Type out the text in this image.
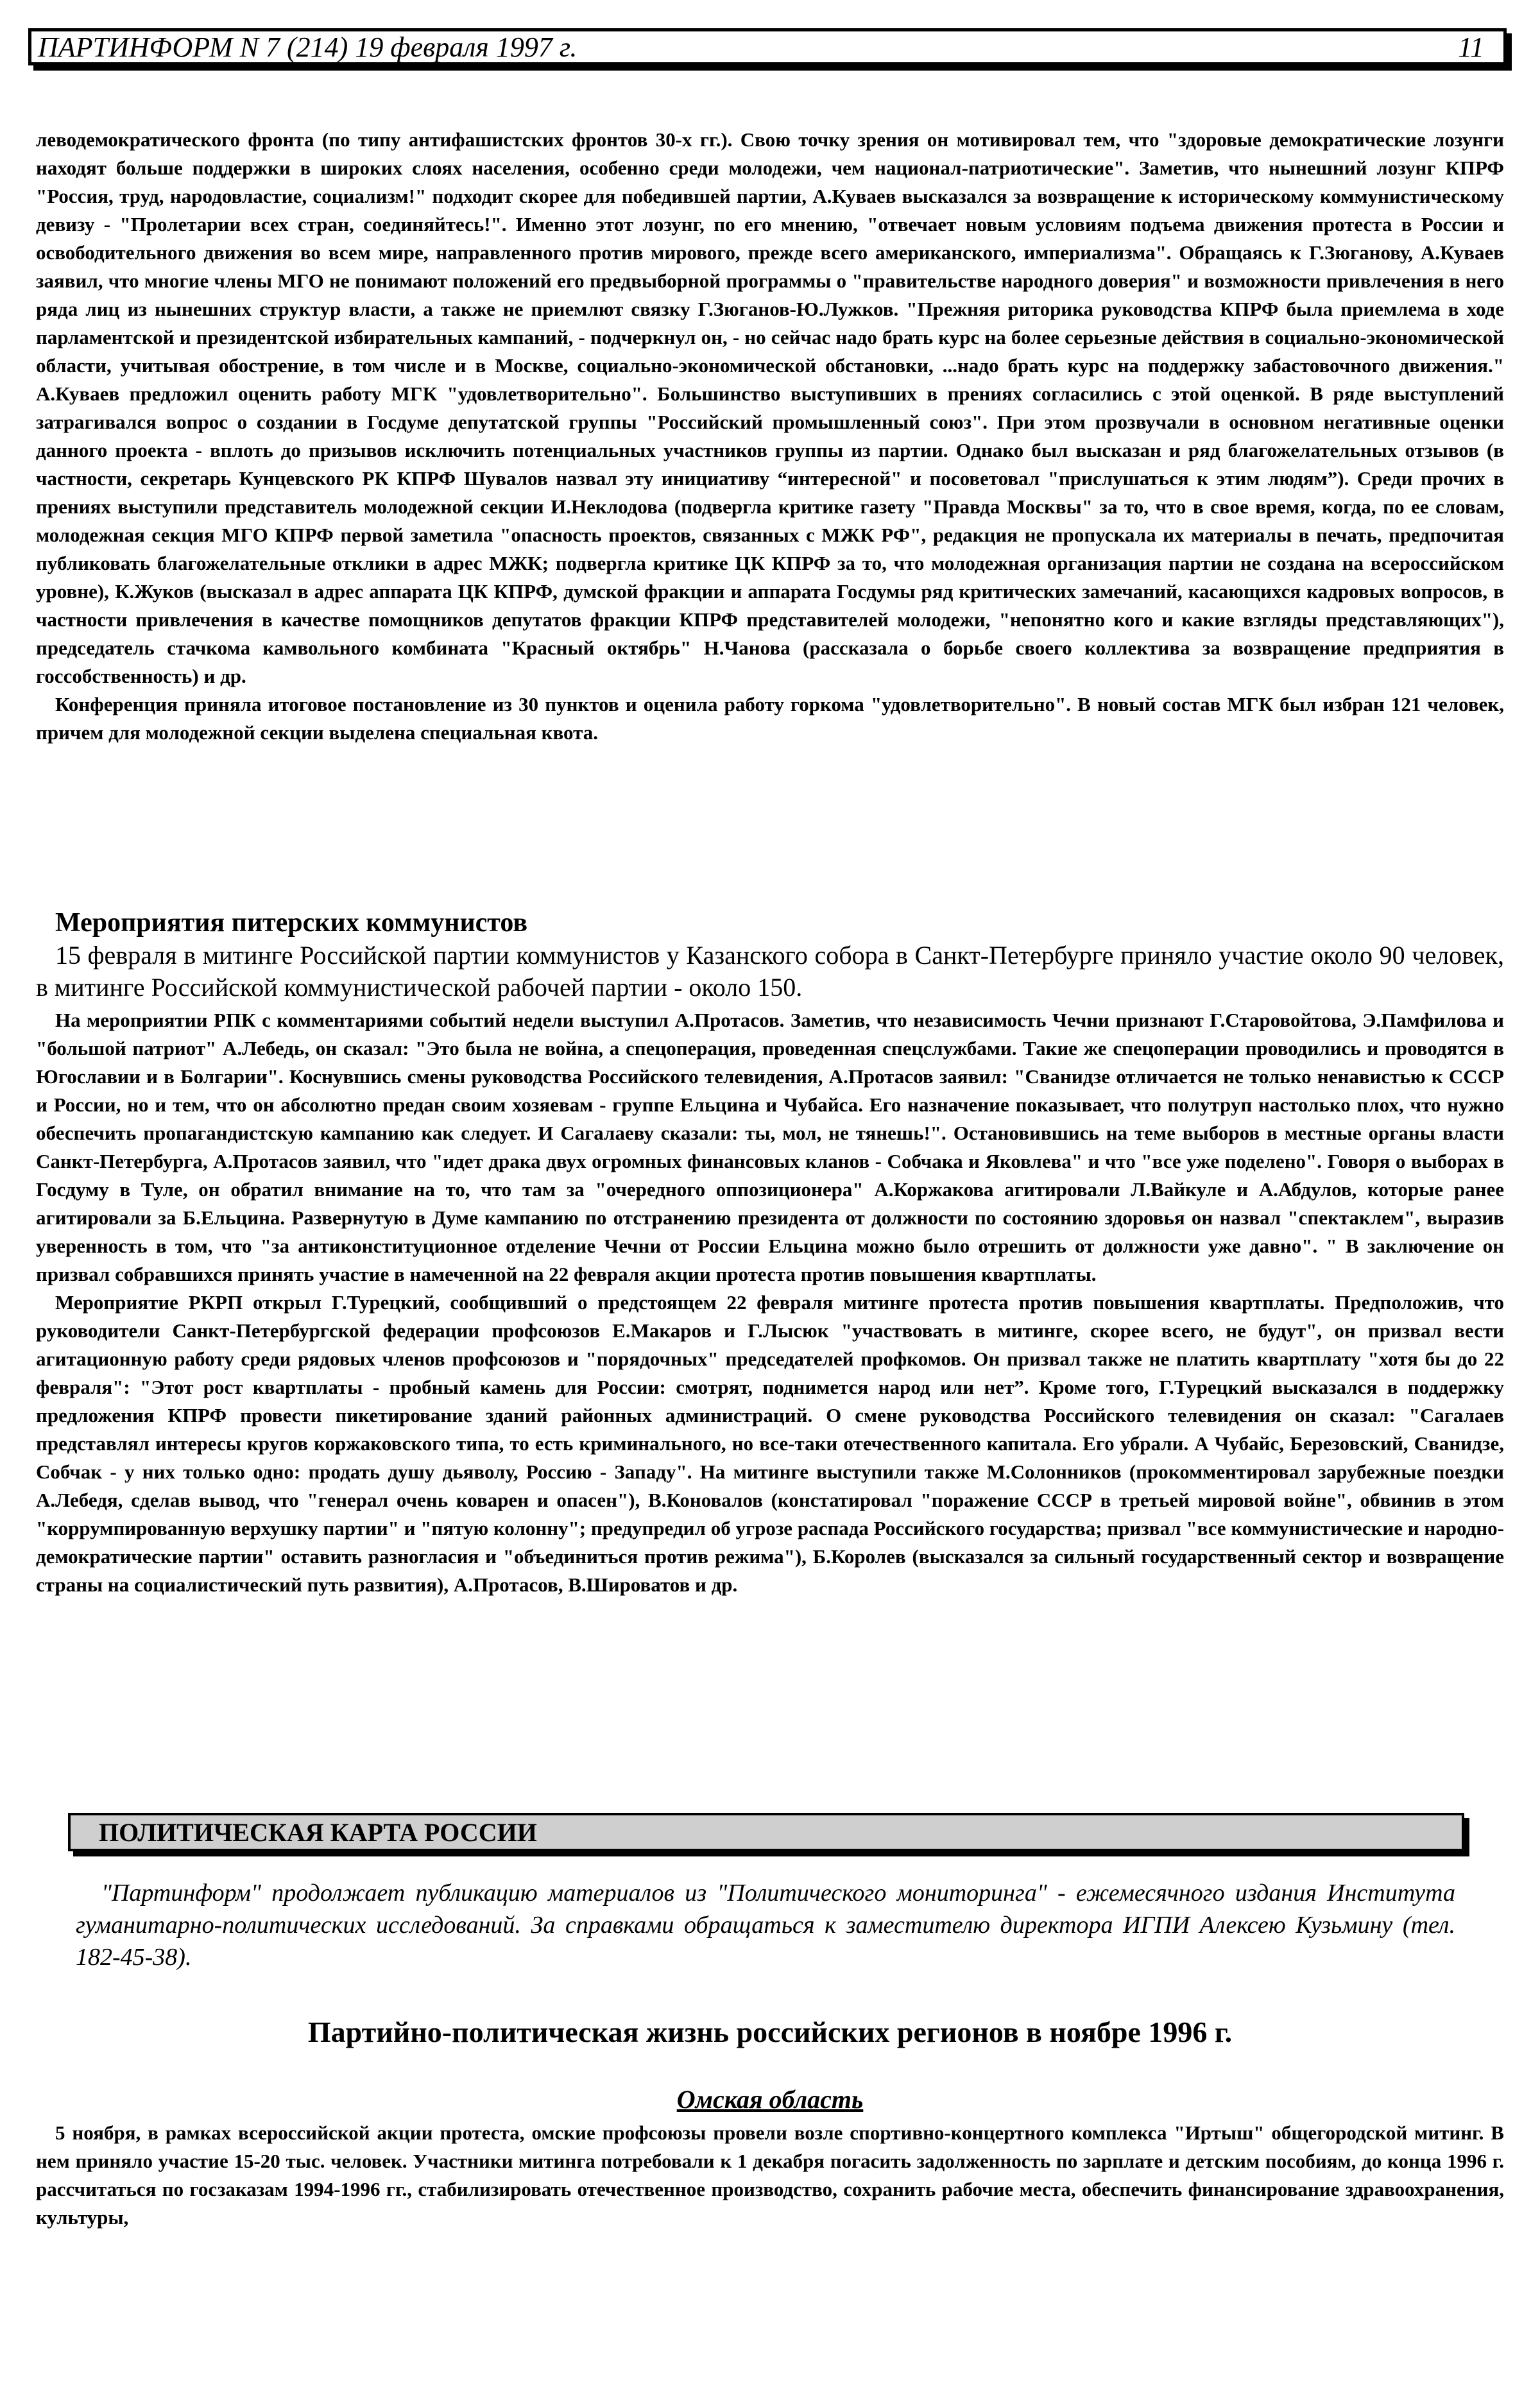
ПАРТИНФОРМ N 7 (214) 19 февраля 1997 г.	11

леводемократического фронта (по типу антифашистских фронтов 30-х гг.). Свою точку зрения он мотивировал тем, что "здоровые демократические лозунги находят больше поддержки в широких слоях населения, особенно среди молодежи, чем национал-патриотические". Заметив, что нынешний лозунг КПРФ "Россия, труд, народовластие, социализм!" подходит скорее для победившей партии, А.Куваев высказался за возвращение к историческому коммунистическому девизу - "Пролетарии всех стран, соединяйтесь!". Именно этот лозунг, по его мнению, "отвечает новым условиям подъема движения протеста в России и освободительного движения во всем мире, направленного против мирового, прежде всего американского, империализма". Обращаясь к Г.Зюганову, А.Куваев заявил, что многие члены МГО не понимают положений его предвыборной программы о "правительстве народного доверия" и возможности привлечения в него ряда лиц из нынешних структур власти, а также не приемлют связку Г.Зюганов-Ю.Лужков. "Прежняя риторика руководства КПРФ была приемлема в ходе парламентской и президентской избирательных кампаний, - подчеркнул он, - но сейчас надо брать курс на более серьезные действия в социально-экономической области, учитывая обострение, в том числе и в Москве, социально-экономической обстановки, ...надо брать курс на поддержку забастовочного движения." А.Куваев предложил оценить работу МГК "удовлетворительно". Большинство выступивших в прениях согласились с этой оценкой. В ряде выступлений затрагивался вопрос о создании в Госдуме депутатской группы "Российский промышленный союз". При этом прозвучали в основном негативные оценки данного проекта - вплоть до призывов исключить потенциальных участников группы из партии. Однако был высказан и ряд благожелательных отзывов (в частности, секретарь Кунцевского РК КПРФ Шувалов назвал эту инициативу “интересной" и посоветовал "прислушаться к этим людям”). Среди прочих в прениях выступили представитель молодежной секции И.Неклодова (подвергла критике газету "Правда Москвы" за то, что в свое время, когда, по ее словам, молодежная секция МГО КПРФ первой заметила "опасность проектов, связанных с МЖК РФ", редакция не пропускала их материалы в печать, предпочитая публиковать благожелательные отклики в адрес МЖК; подвергла критике ЦК КПРФ за то, что молодежная организация партии не создана на всероссийском уровне), К.Жуков (высказал в адрес аппарата ЦК КПРФ, думской фракции и аппарата Госдумы ряд критических замечаний, касающихся кадровых вопросов, в частности привлечения в качестве помощников депутатов фракции КПРФ представителей молодежи, "непонятно кого и какие взгляды представляющих"), председатель стачкома камвольного комбината "Красный октябрь" Н.Чанова (рассказала о борьбе своего коллектива за возвращение предприятия в госсобственность) и др.

Конференция приняла итоговое постановление из 30 пунктов и оценила работу горкома "удовлетворительно". В новый состав МГК был избран 121 человек, причем для молодежной секции выделена специальная квота.

Мероприятия питерских коммунистов

15 февраля в митинге Российской партии коммунистов у Казанского собора в Санкт-Петербурге приняло участие около 90 человек, в митинге Российской коммунистической рабочей партии - около 150.

На мероприятии РПК с комментариями событий недели выступил А.Протасов. Заметив, что независимость Чечни признают Г.Старовойтова, Э.Памфилова и "большой патриот" А.Лебедь, он сказал: "Это была не война, а спецоперация, проведенная спецслужбами. Такие же спецоперации проводились и проводятся в Югославии и в Болгарии". Коснувшись смены руководства Российского телевидения, А.Протасов заявил: "Сванидзе отличается не только ненавистью к СССР и России, но и тем, что он абсолютно предан своим хозяевам - группе Ельцина и Чубайса. Его назначение показывает, что полутруп настолько плох, что нужно обеспечить пропагандистскую кампанию как следует. И Сагалаеву сказали: ты, мол, не тянешь!". Остановившись на теме выборов в местные органы власти Санкт-Петербурга, А.Протасов заявил, что "идет драка двух огромных финансовых кланов - Собчака и Яковлева" и что "все уже поделено". Говоря о выборах в Госдуму в Туле, он обратил внимание на то, что там за "очередного оппозиционера" А.Коржакова агитировали Л.Вайкуле и А.Абдулов, которые ранее агитировали за Б.Ельцина. Развернутую в Думе кампанию по отстранению президента от должности по состоянию здоровья он назвал "спектаклем", выразив уверенность в том, что "за антиконституционное отделение Чечни от России Ельцина можно было отрешить от должности уже давно". " В заключение он призвал собравшихся принять участие в намеченной на 22 февраля акции протеста против повышения квартплаты.

Мероприятие РКРП открыл Г.Турецкий, сообщивший о предстоящем 22 февраля митинге протеста против повышения квартплаты. Предположив, что руководители Санкт-Петербургской федерации профсоюзов Е.Макаров и Г.Лысюк "участвовать в митинге, скорее всего, не будут", он призвал вести агитационную работу среди рядовых членов профсоюзов и "порядочных" председателей профкомов. Он призвал также не платить квартплату "хотя бы до 22 февраля": "Этот рост квартплаты - пробный камень для России: смотрят, поднимется народ или нет”. Кроме того, Г.Турецкий высказался в поддержку предложения КПРФ провести пикетирование зданий районных администраций. О смене руководства Российского телевидения он сказал: "Сагалаев представлял интересы кругов коржаковского типа, то есть криминального, но все-таки отечественного капитала. Его убрали. А Чубайс, Березовский, Сванидзе, Собчак - у них только одно: продать душу дьяволу, Россию - Западу". На митинге выступили также М.Солонников (прокомментировал зарубежные поездки А.Лебедя, сделав вывод, что "генерал очень коварен и опасен"), В.Коновалов (констатировал "поражение СССР в третьей мировой войне", обвинив в этом "коррумпированную верхушку партии" и "пятую колонну"; предупредил об угрозе распада Российского государства; призвал "все коммунистические и народно-демократические партии" оставить разногласия и "объединиться против режима"), Б.Королев (высказался за сильный государственный сектор и возвращение страны на социалистический путь развития), А.Протасов, В.Широватов и др.

ПОЛИТИЧЕСКАЯ КАРТА РОССИИ

"Партинформ" продолжает публикацию материалов из "Политического мониторинга" - ежемесячного издания Института гуманитарно-политических исследований. За справками обращаться к заместителю директора ИГПИ Алексею Кузьмину (тел. 182-45-38).

Партийно-политическая жизнь российских регионов в ноябре 1996 г.
Омская область

5 ноября, в рамках всероссийской акции протеста, омские профсоюзы провели возле спортивно-концертного комплекса "Иртыш" общегородской митинг. В нем приняло участие 15-20 тыс. человек. Участники митинга потребовали к 1 декабря погасить задолженность по зарплате и детским пособиям, до конца 1996 г. рассчитаться по госзаказам 1994-1996 гг., стабилизировать отечественное производство, сохранить рабочие места, обеспечить финансирование здравоохранения, культуры,
